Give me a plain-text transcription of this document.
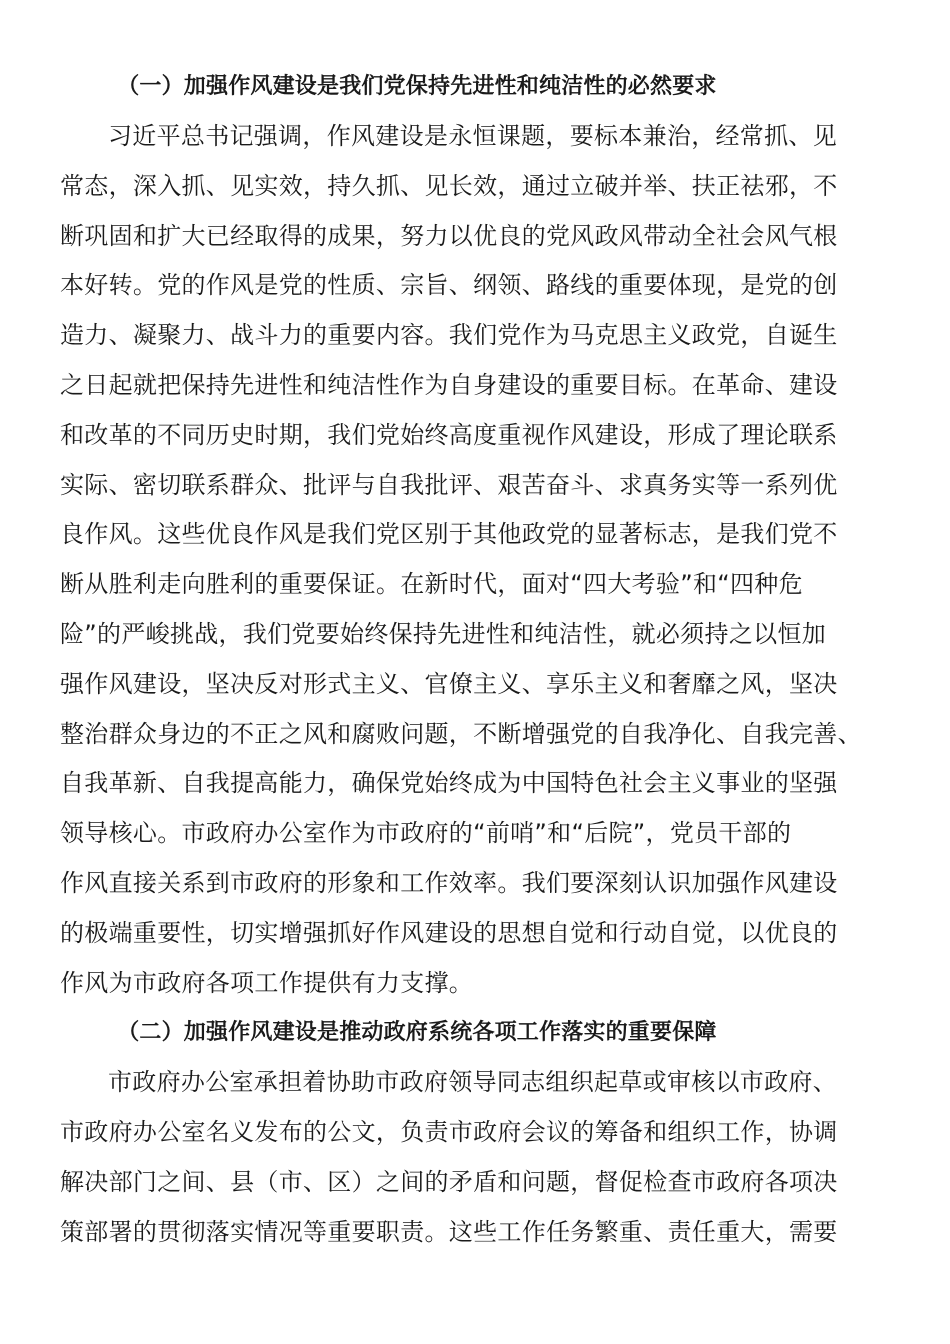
（一）加强作风建设是我们党保持先进性和纯洁性的必然要求

习近平总书记强调，作风建设是永恒课题，要标本兼治，经常抓、见
常态，深入抓、见实效，持久抓、见长效，通过立破并举、扶正祛邪，不
断巩固和扩大已经取得的成果，努力以优良的党风政风带动全社会风气根
本好转。党的作风是党的性质、宗旨、纲领、路线的重要体现，是党的创
造力、凝聚力、战斗力的重要内容。我们党作为马克思主义政党，自诞生
之日起就把保持先进性和纯洁性作为自身建设的重要目标。在革命、建设
和改革的不同历史时期，我们党始终高度重视作风建设，形成了理论联系
实际、密切联系群众、批评与自我批评、艰苦奋斗、求真务实等一系列优
良作风。这些优良作风是我们党区别于其他政党的显著标志，是我们党不
断从胜利走向胜利的重要保证。在新时代，面对“四大考验”和“四种危
险”的严峻挑战，我们党要始终保持先进性和纯洁性，就必须持之以恒加
强作风建设，坚决反对形式主义、官僚主义、享乐主义和奢靡之风，坚决
整治群众身边的不正之风和腐败问题，不断增强党的自我净化、自我完善、
自我革新、自我提高能力，确保党始终成为中国特色社会主义事业的坚强
领导核心。市政府办公室作为市政府的“前哨”和“后院”，党员干部的
作风直接关系到市政府的形象和工作效率。我们要深刻认识加强作风建设
的极端重要性，切实增强抓好作风建设的思想自觉和行动自觉，以优良的
作风为市政府各项工作提供有力支撑。

（二）加强作风建设是推动政府系统各项工作落实的重要保障

市政府办公室承担着协助市政府领导同志组织起草或审核以市政府、
市政府办公室名义发布的公文，负责市政府会议的筹备和组织工作，协调
解决部门之间、县（市、区）之间的矛盾和问题，督促检查市政府各项决
策部署的贯彻落实情况等重要职责。这些工作任务繁重、责任重大，需要
